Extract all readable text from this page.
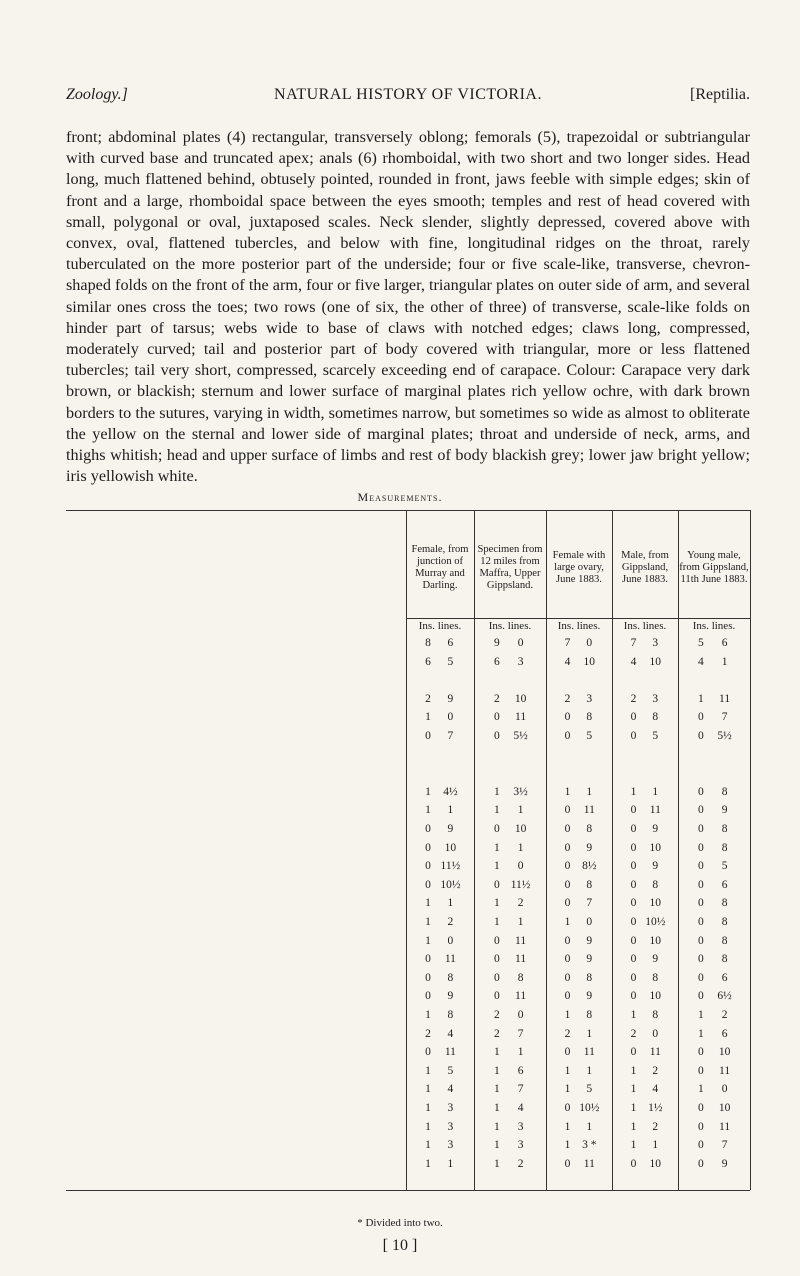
Zoology.]	NATURAL HISTORY OF VICTORIA.	[Reptilia.

front; abdominal plates (4) rectangular, transversely oblong; femorals (5), trapezoidal or subtriangular with curved base and truncated apex; anals (6) rhomboidal, with two short and two longer sides. Head long, much flattened behind, obtusely pointed, rounded in front, jaws feeble with simple edges; skin of front and a large, rhomboidal space between the eyes smooth; temples and rest of head covered with small, polygonal or oval, juxtaposed scales. Neck slender, slightly depressed, covered above with convex, oval, flattened tubercles, and below with fine, longitudinal ridges on the throat, rarely tuberculated on the more posterior part of the underside; four or five scale-like, transverse, chevron-shaped folds on the front of the arm, four or five larger, triangular plates on outer side of arm, and several similar ones cross the toes; two rows (one of six, the other of three) of transverse, scale-like folds on hinder part of tarsus; webs wide to base of claws with notched edges; claws long, compressed, moderately curved; tail and posterior part of body covered with triangular, more or less flattened tubercles; tail very short, compressed, scarcely exceeding end of carapace. Colour: Carapace very dark brown, or blackish; sternum and lower surface of marginal plates rich yellow ochre, with dark brown borders to the sutures, varying in width, sometimes narrow, but sometimes so wide as almost to obliterate the yellow on the sternal and lower side of marginal plates; throat and underside of neck, arms, and thighs whitish; head and upper surface of limbs and rest of body blackish grey; lower jaw bright yellow; iris yellowish white.

Measurements.
Female, from junction of Murray and Darling.
Ins. lines.
Specimen from 12 miles from Maffra, Upper Gippsland.
Ins. lines.
Female with large ovary, June 1883.
Ins. lines.
Male, from Gippsland, June 1883.
Ins. lines.
Young male, from Gippsland, 11th June 1883.
Ins. lines.
8	6	9	0	7	0	7	3	5	6
6	5	6	3	4	10	4	10	4	1
2	9	2	10	2	3	2	3	1	11
1	0	0	11	0	8	0	8	0	7
0	7	0	5½	0	5	0	5	0	5½
1	4½	1	3½	1	1	1	1	0	8
1	1	1	1	0	11	0	11	0	9
0	9	0	10	0	8	0	9	0	8
0	10	1	1	0	9	0	10	0	8
0 11½	1	0	0	8½	0	9	0	5
0 10½	0 11½	0	8	0	8	0	6
1	1	1	2	0	7	0	10	0	8
1	2	1	1	1	0	0 10½	0	8
1	0	0	11	0	9	0	10	0	8
0	11	0	11	0	9	0	9	0	8
0	8	0	8	0	8	0	8	0	6
0	9	0	11	0	9	0	10	0	6½
1	8	2	0	1	8	1	8	1	2
2	4	2	7	2	1	2	0	1	6
0	11	1	1	0	11	0	11	0	10
1	5	1	6	1	1	1	2	0	11
1	4	1	7	1	5	1	4	1	0
1	3	1	4	0 10½	1	1½	0	10
1	3	1	3	1	1	1	2	0	11
1	3	1	3	1	3 *	1	1	0	7
1	1	1	2	0	11	0	10	0	9
* Divided into two.
[ 10 ]
